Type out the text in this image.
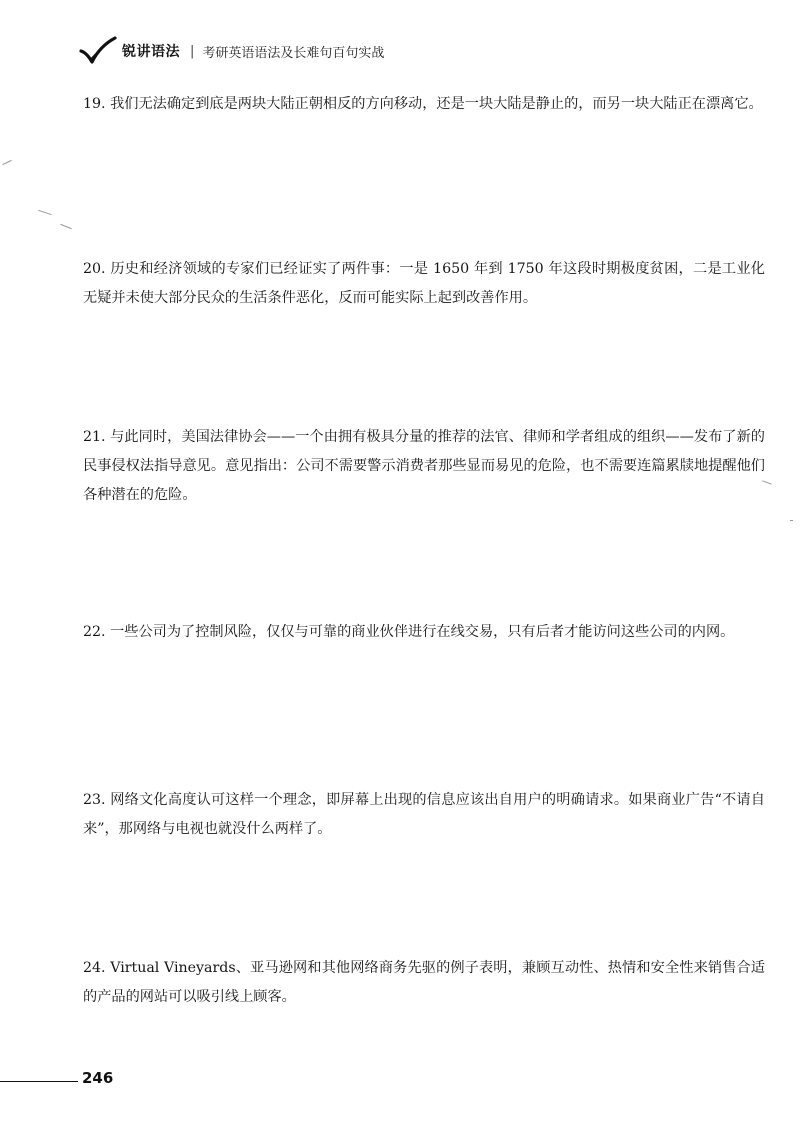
锐讲语法 | 考研英语语法及长难句百句实战

19. 我们无法确定到底是两块大陆正朝相反的方向移动，还是一块大陆是静止的，而另一块大陆正在漂离它。

20. 历史和经济领域的专家们已经证实了两件事：一是 1650 年到 1750 年这段时期极度贫困，二是工业化无疑并未使大部分民众的生活条件恶化，反而可能实际上起到改善作用。

21. 与此同时，美国法律协会——一个由拥有极具分量的推荐的法官、律师和学者组成的组织——发布了新的民事侵权法指导意见。意见指出：公司不需要警示消费者那些显而易见的危险，也不需要连篇累牍地提醒他们各种潜在的危险。

22. 一些公司为了控制风险，仅仅与可靠的商业伙伴进行在线交易，只有后者才能访问这些公司的内网。

23. 网络文化高度认可这样一个理念，即屏幕上出现的信息应该出自用户的明确请求。如果商业广告“不请自来”，那网络与电视也就没什么两样了。

24. Virtual Vineyards、亚马逊网和其他网络商务先驱的例子表明，兼顾互动性、热情和安全性来销售合适的产品的网站可以吸引线上顾客。

246
